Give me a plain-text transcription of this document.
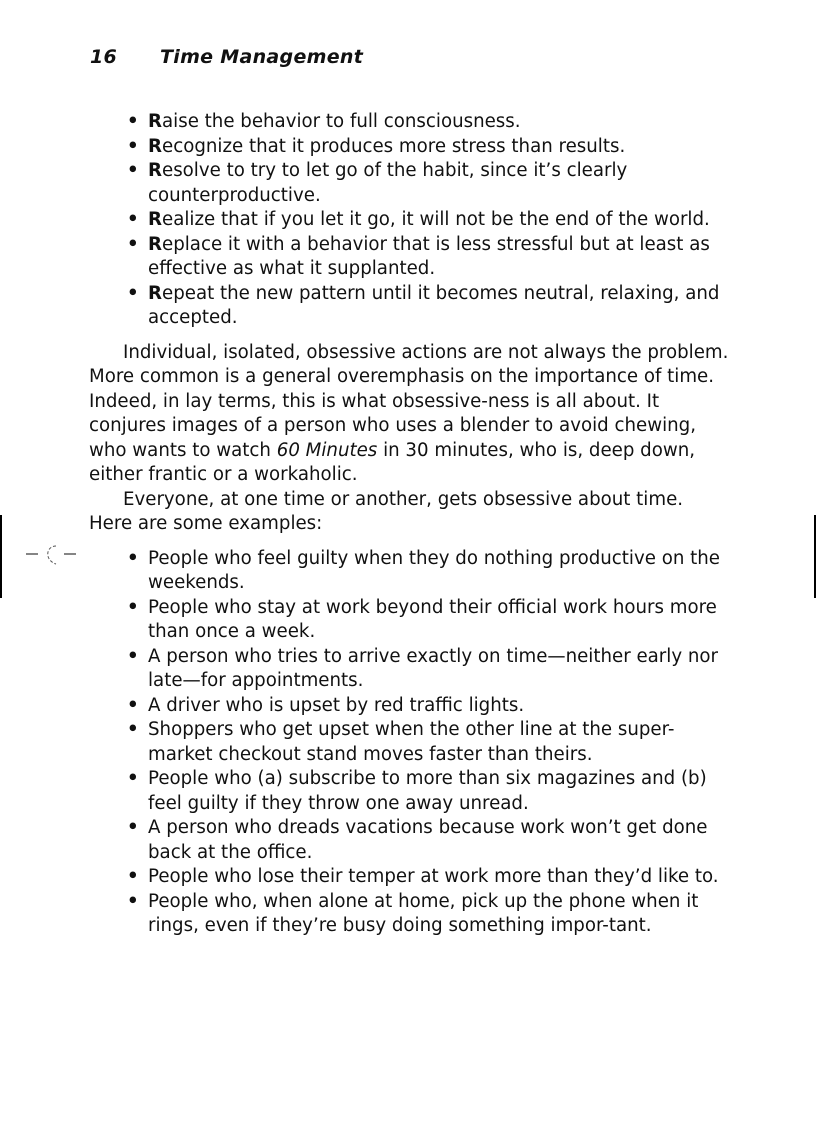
16 Time Management
• Raise the behavior to full consciousness.
• Recognize that it produces more stress than results.
• Resolve to try to let go of the habit, since it’s clearly counterproductive.
• Realize that if you let it go, it will not be the end of the world.
• Replace it with a behavior that is less stressful but at least as effective as what it supplanted.
• Repeat the new pattern until it becomes neutral, relaxing, and accepted.

Individual, isolated, obsessive actions are not always the problem. More common is a general overemphasis on the importance of time. Indeed, in lay terms, this is what obsessive-ness is all about. It conjures images of a person who uses a blender to avoid chewing, who wants to watch 60 Minutes in 30 minutes, who is, deep down, either frantic or a workaholic.

Everyone, at one time or another, gets obsessive about time. Here are some examples:

• People who feel guilty when they do nothing productive on the weekends.
• People who stay at work beyond their official work hours more than once a week.
• A person who tries to arrive exactly on time—neither early nor late—for appointments.
• A driver who is upset by red traffic lights.
• Shoppers who get upset when the other line at the super-market checkout stand moves faster than theirs.
• People who (a) subscribe to more than six magazines and (b) feel guilty if they throw one away unread.
• A person who dreads vacations because work won’t get done back at the office.
• People who lose their temper at work more than they’d like to.
• People who, when alone at home, pick up the phone when it rings, even if they’re busy doing something impor-tant.
